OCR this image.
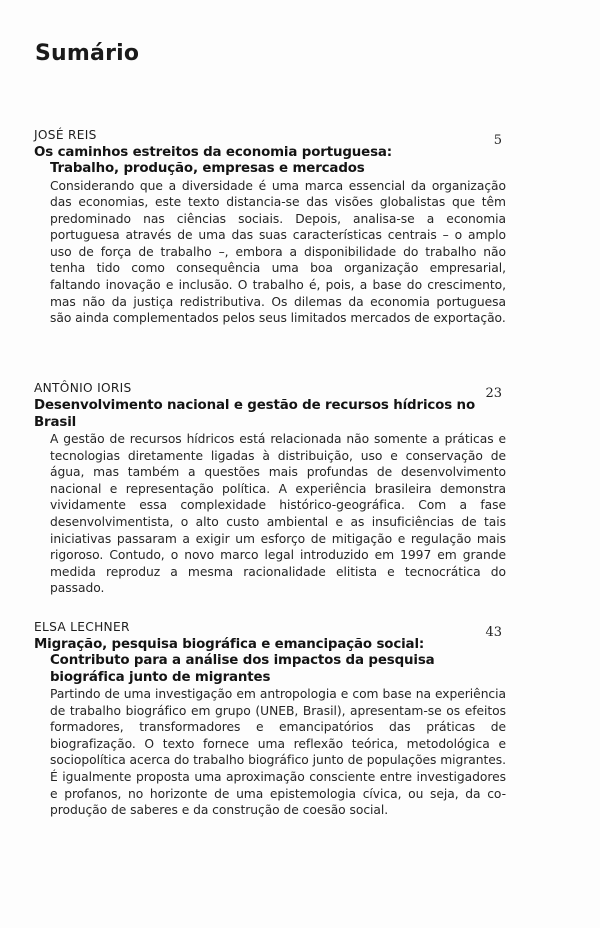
Sumário
JOSÉ REIS	5
Os caminhos estreitos da economia portuguesa:
Trabalho, produção, empresas e mercados

Considerando que a diversidade é uma marca essencial da organização das economias, este texto distancia-se das visões globalistas que têm predominado nas ciências sociais. Depois, analisa-se a economia portuguesa através de uma das suas características centrais – o amplo uso de força de trabalho –, embora a disponibilidade do trabalho não tenha tido como consequência uma boa organização empresarial, faltando inovação e inclusão. O trabalho é, pois, a base do crescimento, mas não da justiça redistributiva. Os dilemas da economia portuguesa são ainda complementados pelos seus limitados mercados de exportação.

ANTÔNIO IORIS	23
Desenvolvimento nacional e gestão de recursos hídricos no Brasil

A gestão de recursos hídricos está relacionada não somente a práticas e tecnologias diretamente ligadas à distribuição, uso e conservação de água, mas também a questões mais profundas de desenvolvimento nacional e representação política. A experiência brasileira demonstra vividamente essa complexidade histórico-geográfica. Com a fase desenvolvimentista, o alto custo ambiental e as insuficiências de tais iniciativas passaram a exigir um esforço de mitigação e regulação mais rigoroso. Contudo, o novo marco legal introduzido em 1997 em grande medida reproduz a mesma racionalidade elitista e tecnocrática do passado.

ELSA LECHNER	43
Migração, pesquisa biográfica e emancipação social:
Contributo para a análise dos impactos da pesquisa biográfica junto de migrantes

Partindo de uma investigação em antropologia e com base na experiência de trabalho biográfico em grupo (UNEB, Brasil), apresentam-se os efeitos formadores, transformadores e emancipatórios das práticas de biografização. O texto fornece uma reflexão teórica, metodológica e sociopolítica acerca do trabalho biográfico junto de populações migrantes. É igualmente proposta uma aproximação consciente entre investigadores e profanos, no horizonte de uma epistemologia cívica, ou seja, da co-produção de saberes e da construção de coesão social.
